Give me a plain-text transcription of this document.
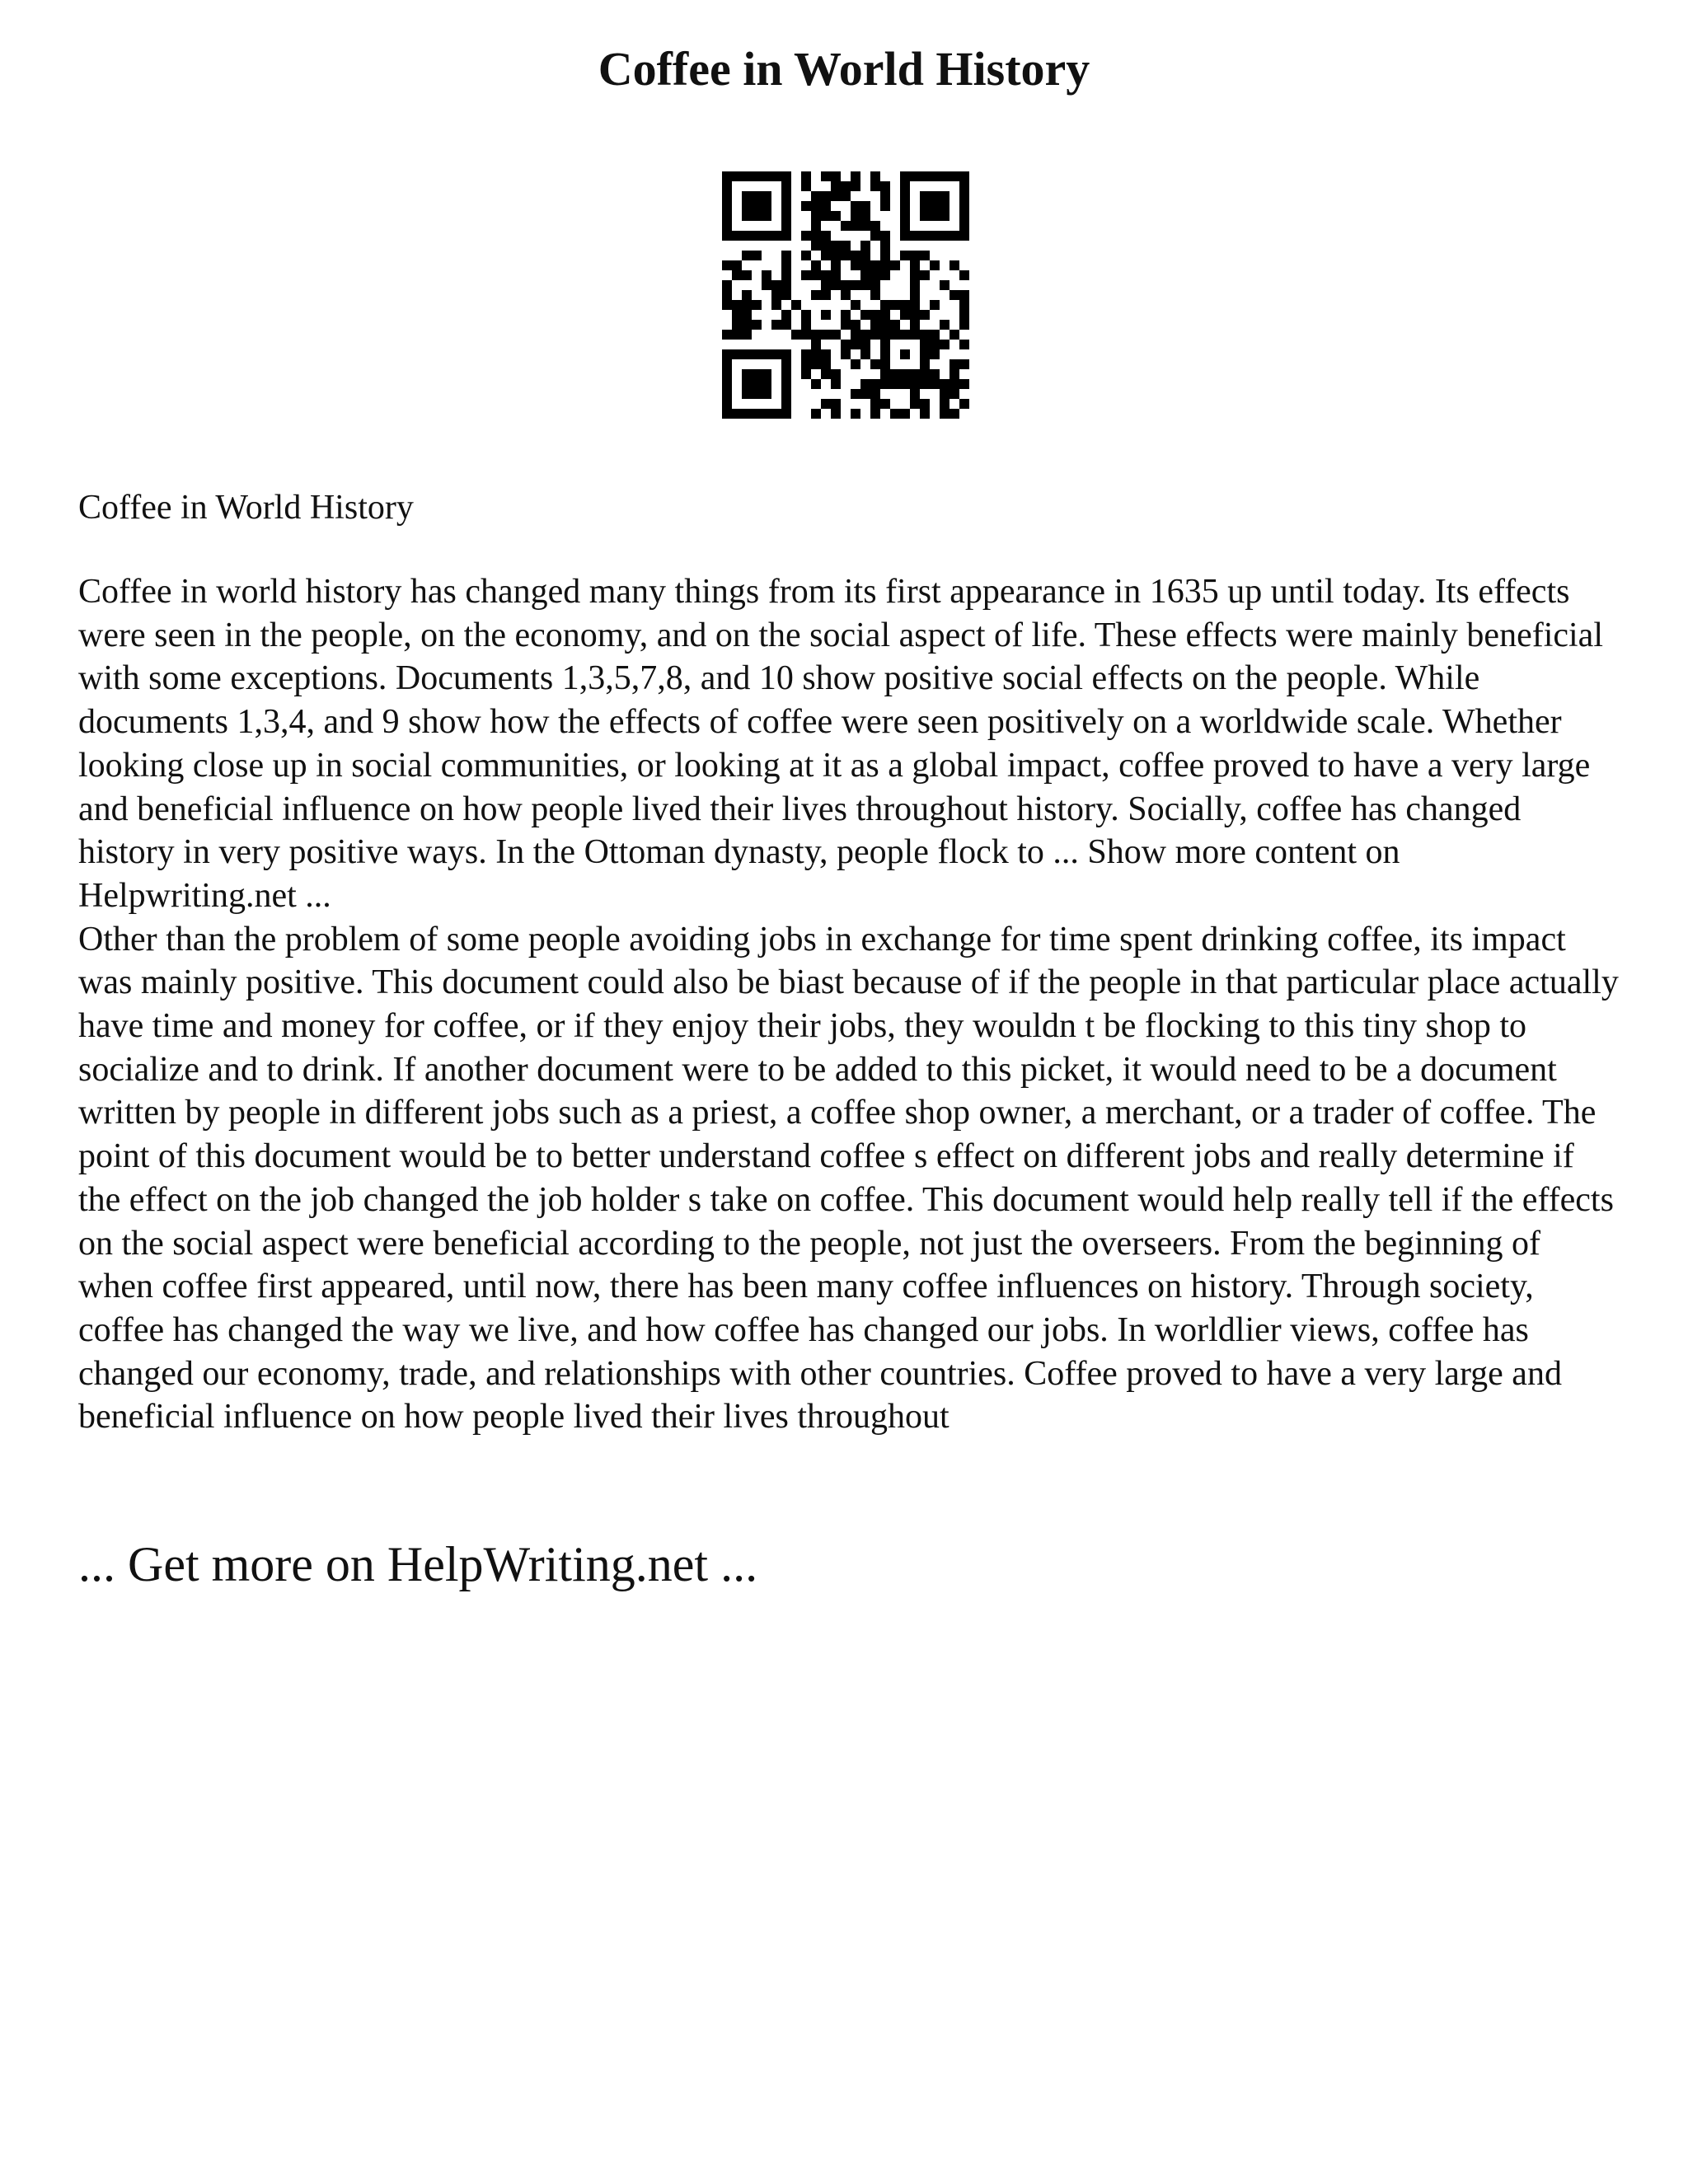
Coffee in World History

Coffee in World History

Coffee in world history has changed many things from its first appearance in 1635 up until today. Its effects were seen in the people, on the economy, and on the social aspect of life. These effects were mainly beneficial with some exceptions. Documents 1,3,5,7,8, and 10 show positive social effects on the people. While documents 1,3,4, and 9 show how the effects of coffee were seen positively on a worldwide scale. Whether looking close up in social communities, or looking at it as a global impact, coffee proved to have a very large and beneficial influence on how people lived their lives throughout history. Socially, coffee has changed history in very positive ways. In the Ottoman dynasty, people flock to ... Show more content on Helpwriting.net ...

Other than the problem of some people avoiding jobs in exchange for time spent drinking coffee, its impact was mainly positive. This document could also be biast because of if the people in that particular place actually have time and money for coffee, or if they enjoy their jobs, they wouldn t be flocking to this tiny shop to socialize and to drink. If another document were to be added to this picket, it would need to be a document written by people in different jobs such as a priest, a coffee shop owner, a merchant, or a trader of coffee. The point of this document would be to better understand coffee s effect on different jobs and really determine if the effect on the job changed the job holder s take on coffee. This document would help really tell if the effects on the social aspect were beneficial according to the people, not just the overseers. From the beginning of when coffee first appeared, until now, there has been many coffee influences on history. Through society, coffee has changed the way we live, and how coffee has changed our jobs. In worldlier views, coffee has changed our economy, trade, and relationships with other countries. Coffee proved to have a very large and beneficial influence on how people lived their lives throughout

... Get more on HelpWriting.net ...
